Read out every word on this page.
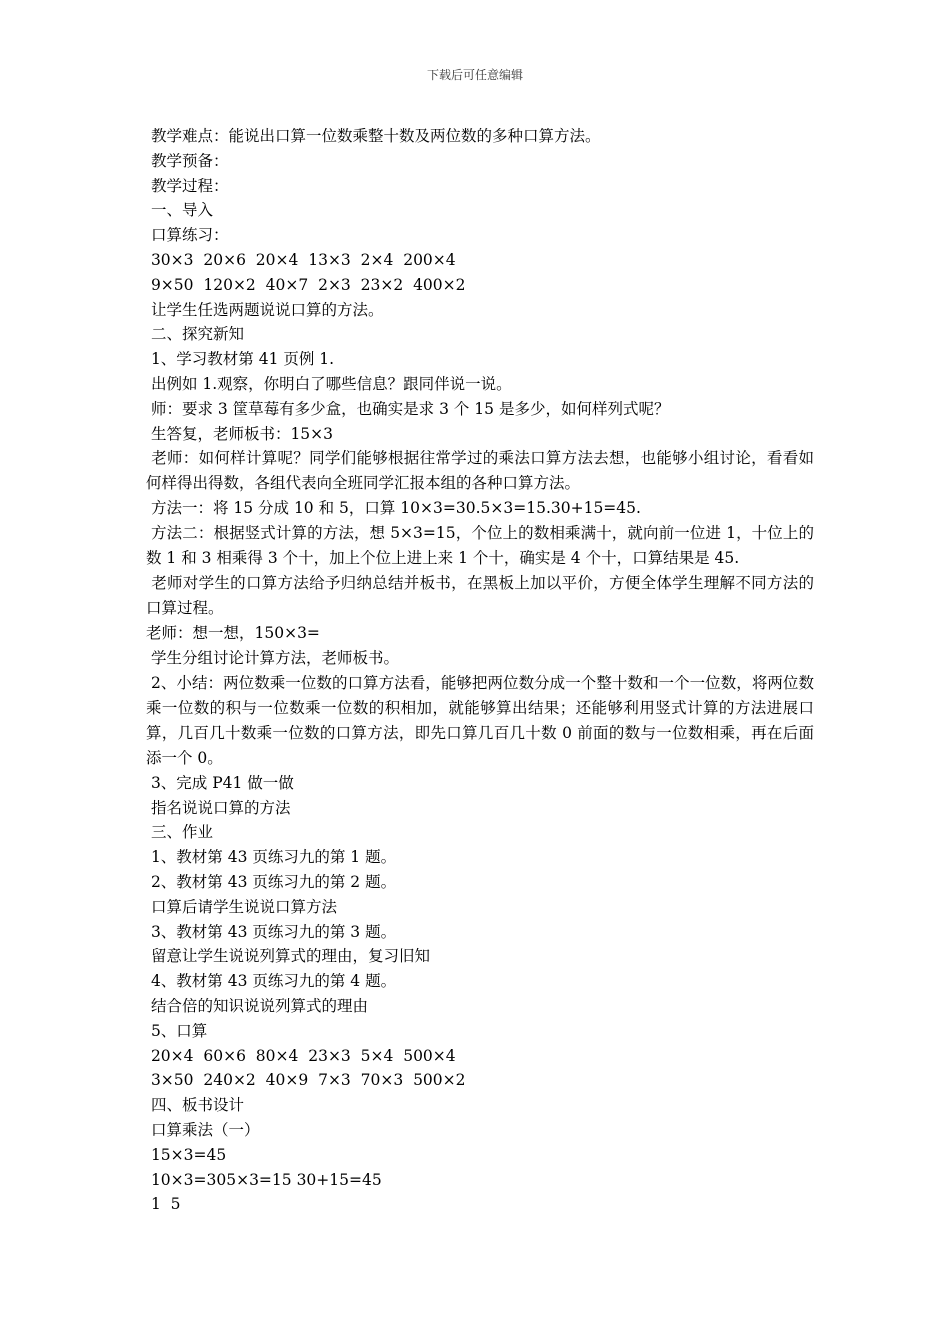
下载后可任意编辑

教学难点：能说出口算一位数乘整十数及两位数的多种口算方法。

教学预备：

教学过程：

一、导入

口算练习：

30×3  20×6  20×4  13×3  2×4  200×4

9×50  120×2  40×7  2×3  23×2  400×2

让学生任选两题说说口算的方法。

二、探究新知

1、学习教材第 41 页例 1.

出例如 1.观察，你明白了哪些信息？跟同伴说一说。

师：要求 3 筐草莓有多少盒，也确实是求 3 个 15 是多少，如何样列式呢？

生答复，老师板书：15×3

老师：如何样计算呢？同学们能够根据往常学过的乘法口算方法去想，也能够小组讨论，看看如何样得出得数，各组代表向全班同学汇报本组的各种口算方法。

方法一：将 15 分成 10 和 5，口算 10×3=30.5×3=15.30+15=45.

方法二：根据竖式计算的方法，想 5×3=15，个位上的数相乘满十，就向前一位进 1，十位上的数 1 和 3 相乘得 3 个十，加上个位上进上来 1 个十，确实是 4 个十，口算结果是 45.

老师对学生的口算方法给予归纳总结并板书，在黑板上加以平价，方便全体学生理解不同方法的口算过程。

老师：想一想，150×3=

学生分组讨论计算方法，老师板书。

2、小结：两位数乘一位数的口算方法看，能够把两位数分成一个整十数和一个一位数，将两位数乘一位数的积与一位数乘一位数的积相加，就能够算出结果；还能够利用竖式计算的方法进展口算，几百几十数乘一位数的口算方法，即先口算几百几十数 0 前面的数与一位数相乘，再在后面添一个 0。

3、完成 P41 做一做

指名说说口算的方法

三、作业

1、教材第 43 页练习九的第 1 题。

2、教材第 43 页练习九的第 2 题。

口算后请学生说说口算方法

3、教材第 43 页练习九的第 3 题。

留意让学生说说列算式的理由，复习旧知

4、教材第 43 页练习九的第 4 题。

结合倍的知识说说列算式的理由

5、口算

20×4  60×6  80×4  23×3  5×4  500×4

3×50  240×2  40×9  7×3  70×3  500×2

四、板书设计

口算乘法（一）

15×3=45

10×3=305×3=15 30+15=45

1  5
